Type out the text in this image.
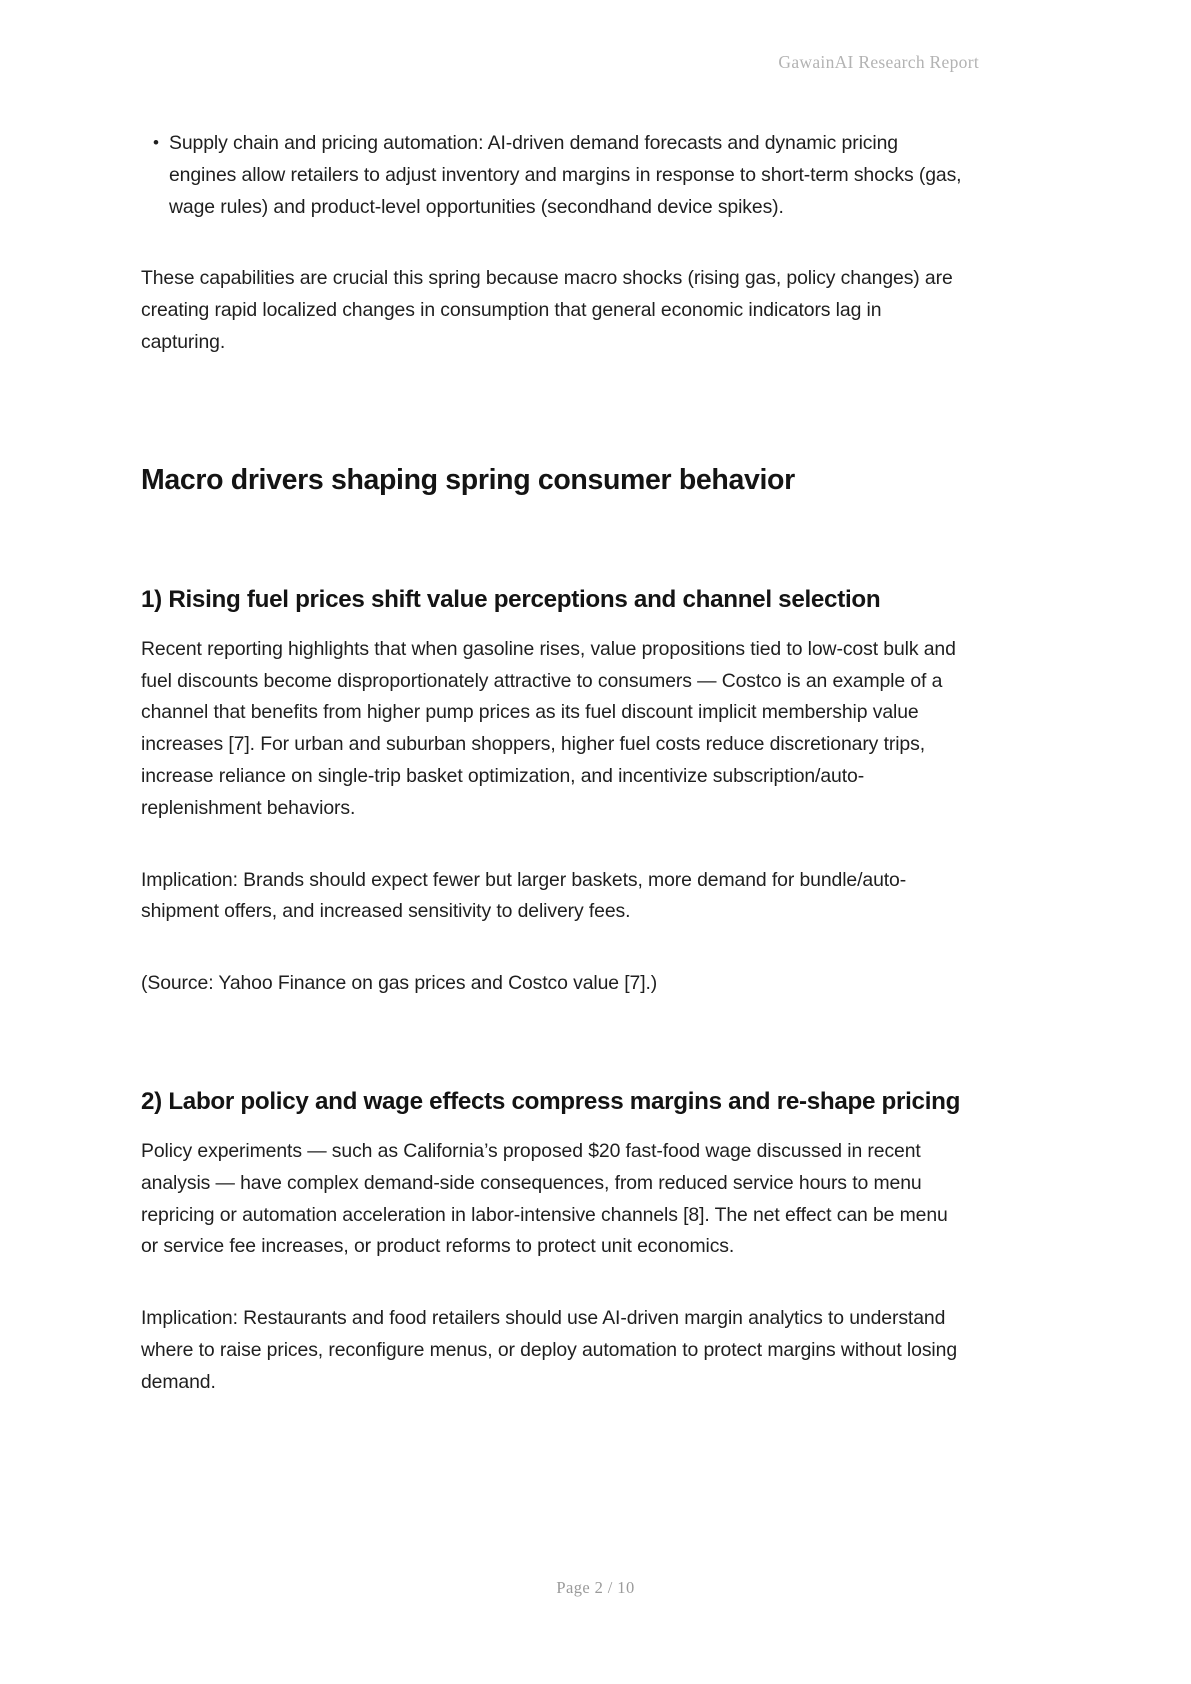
GawainAI Research Report
• Supply chain and pricing automation: AI-driven demand forecasts and dynamic pricing engines allow retailers to adjust inventory and margins in response to short-term shocks (gas, wage rules) and product-level opportunities (secondhand device spikes).

These capabilities are crucial this spring because macro shocks (rising gas, policy changes) are creating rapid localized changes in consumption that general economic indicators lag in capturing.

Macro drivers shaping spring consumer behavior
1) Rising fuel prices shift value perceptions and channel selection

Recent reporting highlights that when gasoline rises, value propositions tied to low-cost bulk and fuel discounts become disproportionately attractive to consumers — Costco is an example of a channel that benefits from higher pump prices as its fuel discount implicit membership value increases [7]. For urban and suburban shoppers, higher fuel costs reduce discretionary trips, increase reliance on single-trip basket optimization, and incentivize subscription/auto-replenishment behaviors.

Implication: Brands should expect fewer but larger baskets, more demand for bundle/auto-shipment offers, and increased sensitivity to delivery fees.

(Source: Yahoo Finance on gas prices and Costco value [7].)

2) Labor policy and wage effects compress margins and re-shape pricing

Policy experiments — such as California’s proposed $20 fast-food wage discussed in recent analysis — have complex demand-side consequences, from reduced service hours to menu repricing or automation acceleration in labor-intensive channels [8]. The net effect can be menu or service fee increases, or product reforms to protect unit economics.

Implication: Restaurants and food retailers should use AI-driven margin analytics to understand where to raise prices, reconfigure menus, or deploy automation to protect margins without losing demand.

Page 2 / 10
